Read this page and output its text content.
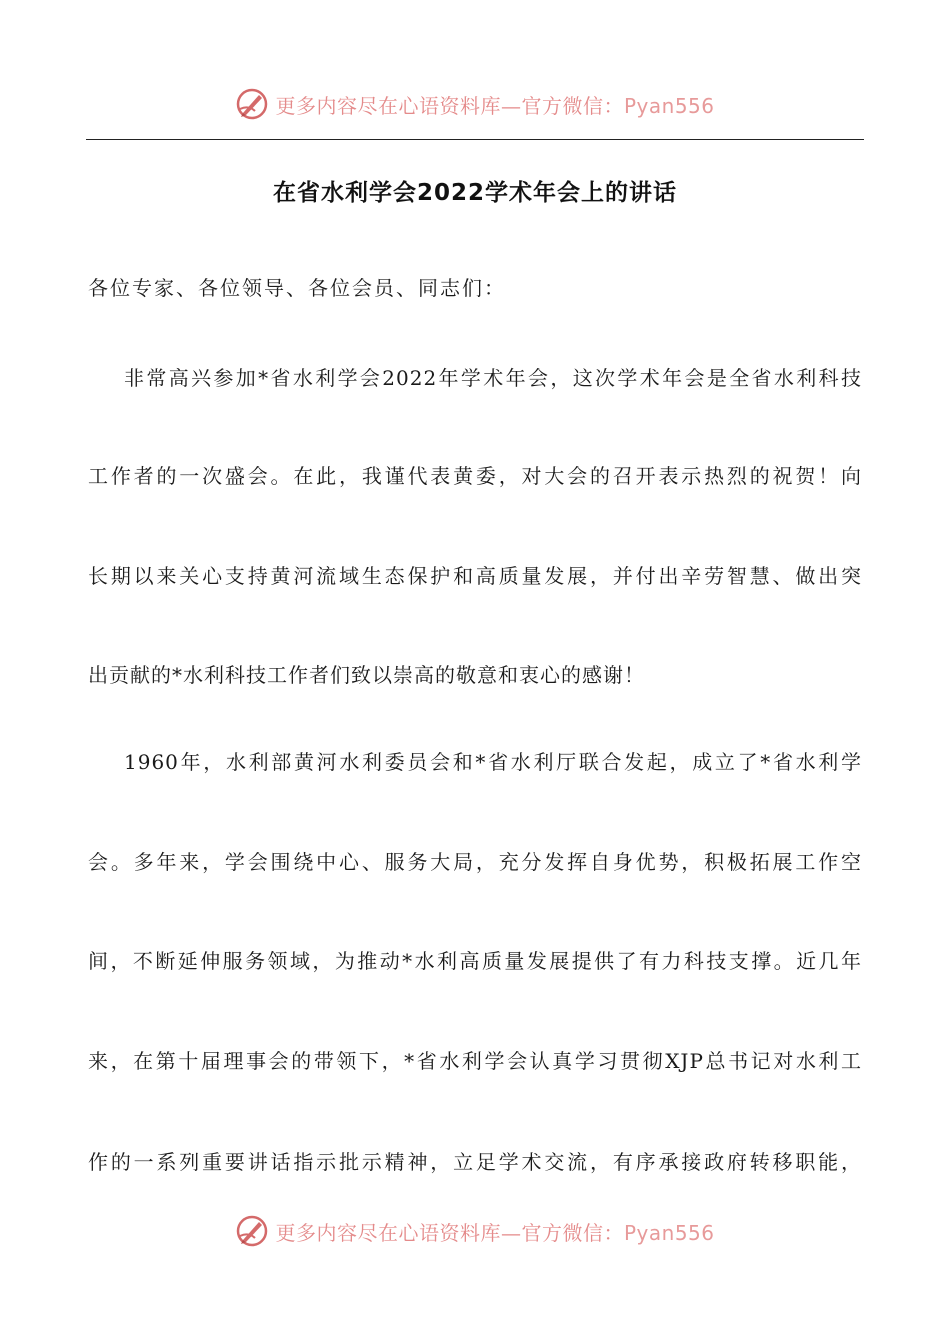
更多内容尽在心语资料库—官方微信：Pyan556
在省水利学会2022学术年会上的讲话
各位专家、各位领导、各位会员、同志们：
非常高兴参加*省水利学会2022年学术年会，这次学术年会是全省水利科技
工作者的一次盛会。在此，我谨代表黄委，对大会的召开表示热烈的祝贺！向
长期以来关心支持黄河流域生态保护和高质量发展，并付出辛劳智慧、做出突
出贡献的*水利科技工作者们致以崇高的敬意和衷心的感谢！
1960年，水利部黄河水利委员会和*省水利厅联合发起，成立了*省水利学
会。多年来，学会围绕中心、服务大局，充分发挥自身优势，积极拓展工作空
间，不断延伸服务领域，为推动*水利高质量发展提供了有力科技支撑。近几年
来，在第十届理事会的带领下，*省水利学会认真学习贯彻XJP总书记对水利工
作的一系列重要讲话指示批示精神，立足学术交流，有序承接政府转移职能，
更多内容尽在心语资料库—官方微信：Pyan556
